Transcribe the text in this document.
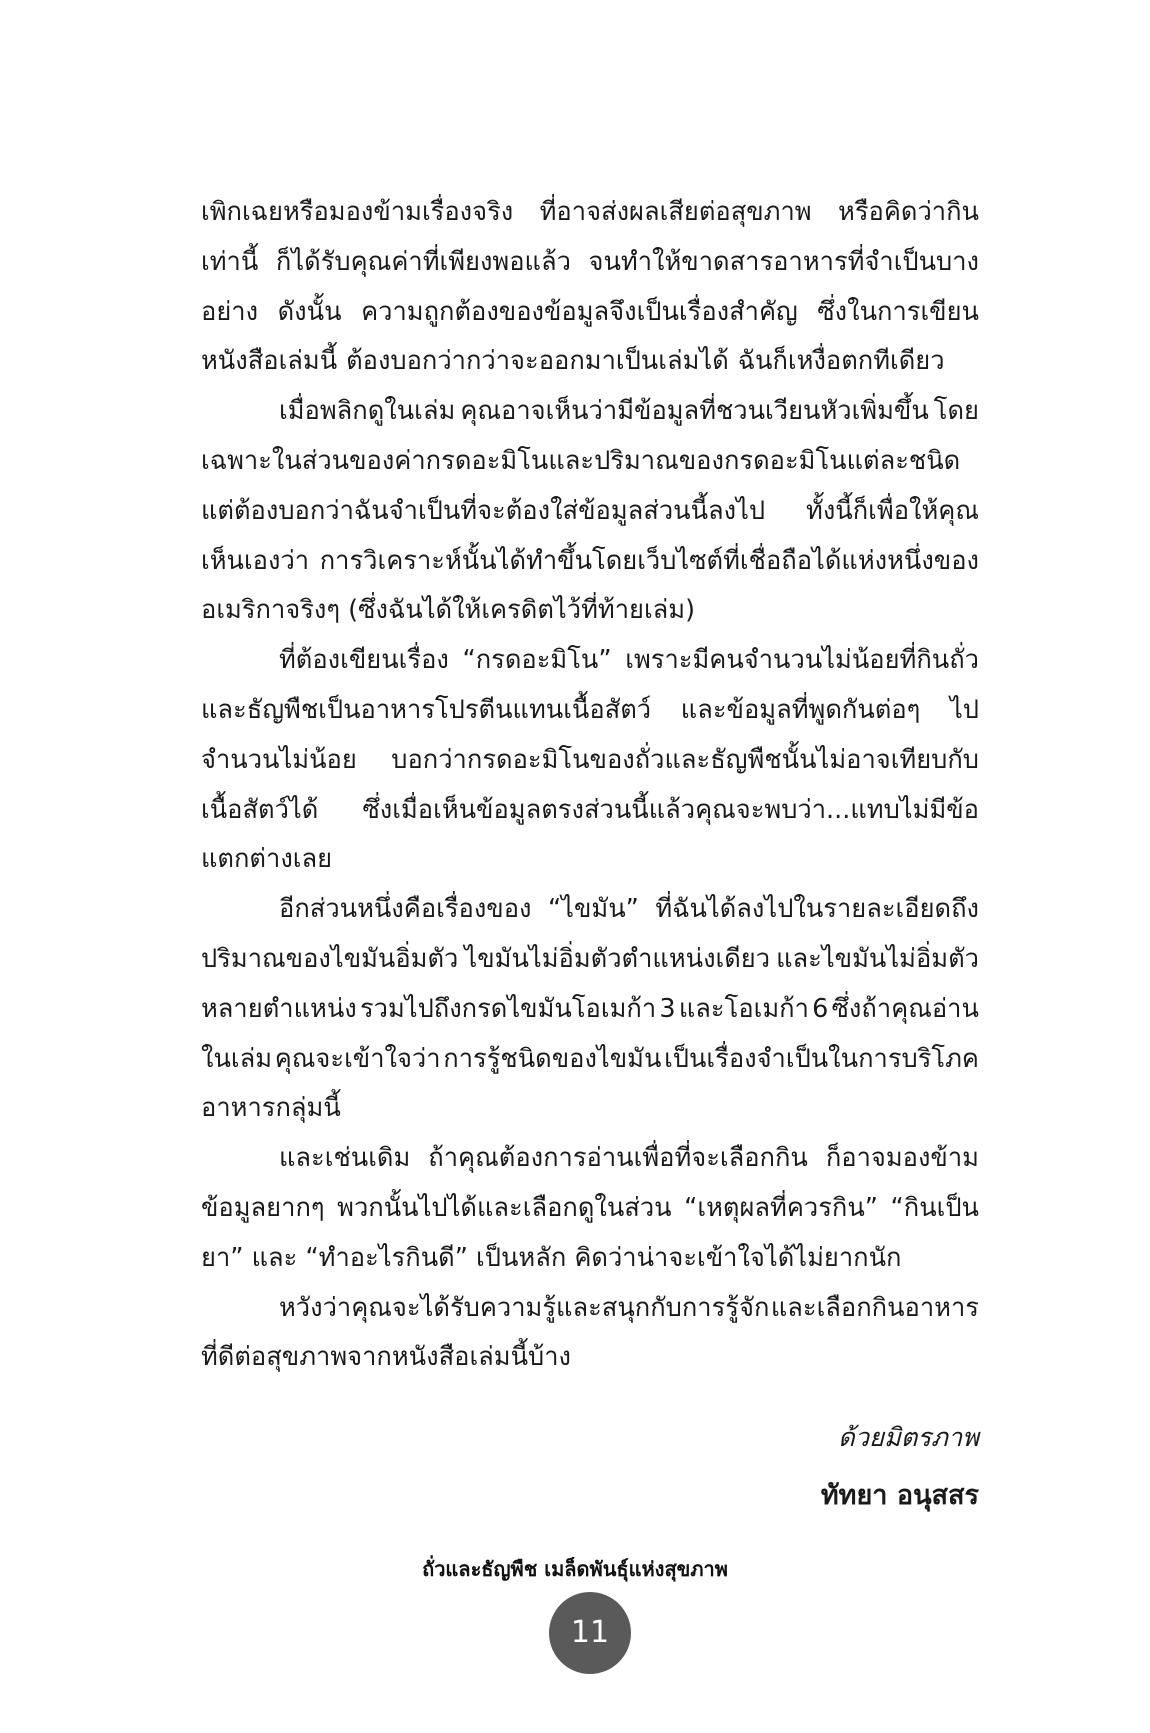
เพิกเฉยหรือมองข้ามเรื่องจริง ที่อาจส่งผลเสียต่อสุขภาพ หรือคิดว่ากิน
เท่านี้ ก็ได้รับคุณค่าที่เพียงพอแล้ว จนทำให้ขาดสารอาหารที่จำเป็นบาง
อย่าง ดังนั้น ความถูกต้องของข้อมูลจึงเป็นเรื่องสำคัญ ซึ่งในการเขียน
หนังสือเล่มนี้ ต้องบอกว่ากว่าจะออกมาเป็นเล่มได้ ฉันก็เหงื่อตกทีเดียว
เมื่อพลิกดูในเล่ม คุณอาจเห็นว่ามีข้อมูลที่ชวนเวียนหัวเพิ่มขึ้น โดย
เฉพาะในส่วนของค่ากรดอะมิโนและปริมาณของกรดอะมิโนแต่ละชนิด
แต่ต้องบอกว่าฉันจำเป็นที่จะต้องใส่ข้อมูลส่วนนี้ลงไป ทั้งนี้ก็เพื่อให้คุณ
เห็นเองว่า การวิเคราะห์นั้นได้ทำขึ้นโดยเว็บไซต์ที่เชื่อถือได้แห่งหนึ่งของ
อเมริกาจริงๆ (ซึ่งฉันได้ให้เครดิตไว้ที่ท้ายเล่ม)
ที่ต้องเขียนเรื่อง “กรดอะมิโน” เพราะมีคนจำนวนไม่น้อยที่กินถั่ว
และธัญพืชเป็นอาหารโปรตีนแทนเนื้อสัตว์ และข้อมูลที่พูดกันต่อๆ ไป
จำนวนไม่น้อย บอกว่ากรดอะมิโนของถั่วและธัญพืชนั้นไม่อาจเทียบกับ
เนื้อสัตว์ได้ ซึ่งเมื่อเห็นข้อมูลตรงส่วนนี้แล้วคุณจะพบว่า...แทบไม่มีข้อ
แตกต่างเลย
อีกส่วนหนึ่งคือเรื่องของ “ไขมัน” ที่ฉันได้ลงไปในรายละเอียดถึง
ปริมาณของไขมันอิ่มตัว ไขมันไม่อิ่มตัวตำแหน่งเดียว และไขมันไม่อิ่มตัว
หลายตำแหน่ง รวมไปถึงกรดไขมันโอเมก้า 3 และโอเมก้า 6 ซึ่งถ้าคุณอ่าน
ในเล่ม คุณจะเข้าใจว่า การรู้ชนิดของไขมัน เป็นเรื่องจำเป็นในการบริโภค
อาหารกลุ่มนี้
และเช่นเดิม ถ้าคุณต้องการอ่านเพื่อที่จะเลือกกิน ก็อาจมองข้าม
ข้อมูลยากๆ พวกนั้นไปได้และเลือกดูในส่วน “เหตุผลที่ควรกิน” “กินเป็น
ยา” และ “ทำอะไรกินดี” เป็นหลัก คิดว่าน่าจะเข้าใจได้ไม่ยากนัก
หวังว่าคุณจะได้รับความรู้และสนุกกับการรู้จัก และเลือกกินอาหาร
ที่ดีต่อสุขภาพจากหนังสือเล่มนี้บ้าง
ด้วยมิตรภาพ
ทัทยา อนุสสร
ถั่วและธัญพืช เมล็ดพันธุ์แห่งสุขภาพ
11
